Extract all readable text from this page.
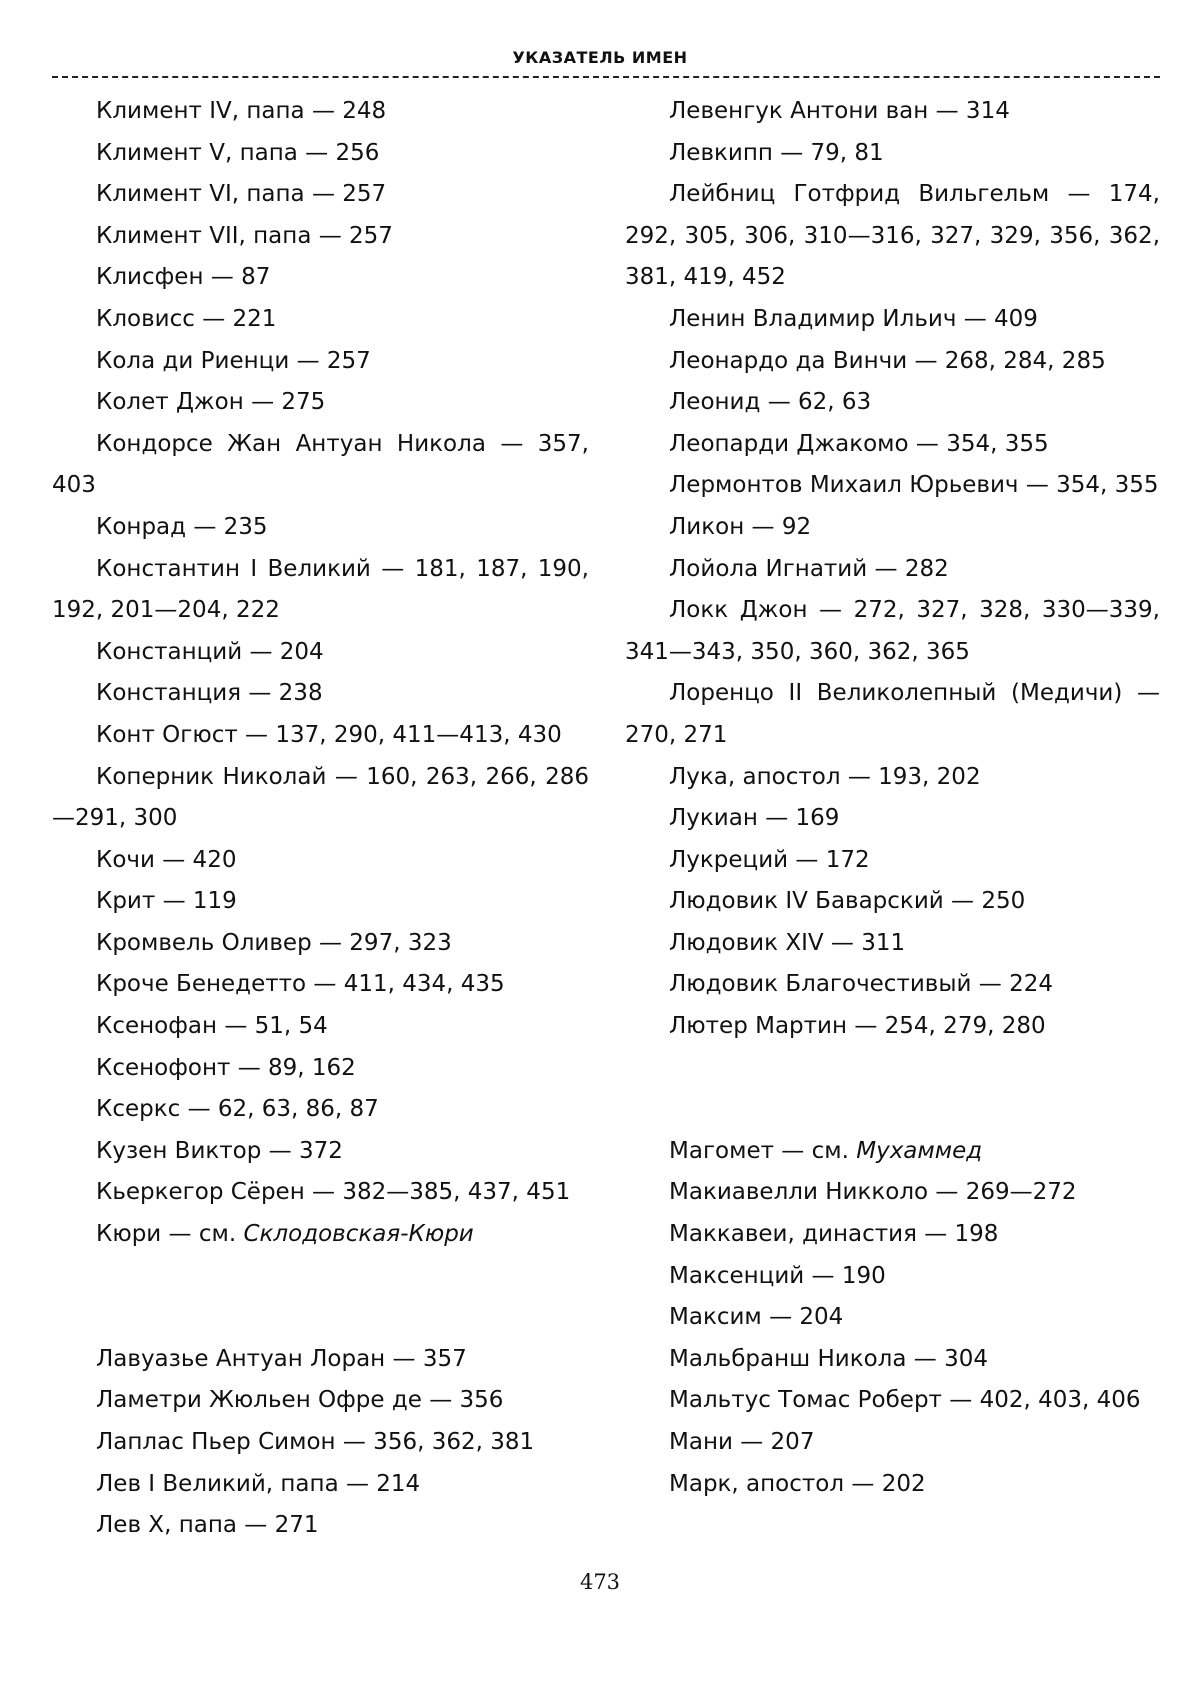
УКАЗАТЕЛЬ ИМЕН

Климент IV, папа — 248

Климент V, папа — 256

Климент VI, папа — 257

Климент VII, папа — 257

Клисфен — 87

Кловисс — 221

Кола ди Риенци — 257

Колет Джон — 275

Кондорсе Жан Антуан Никола — 357, 403

Конрад — 235

Константин I Великий — 181, 187, 190, 192, 201—204, 222

Констанций — 204

Констанция — 238

Конт Огюст — 137, 290, 411—413, 430

Коперник Николай — 160, 263, 266, 286—291, 300

Кочи — 420

Крит — 119

Кромвель Оливер — 297, 323

Кроче Бенедетто — 411, 434, 435

Ксенофан — 51, 54

Ксенофонт — 89, 162

Ксеркс — 62, 63, 86, 87

Кузен Виктор — 372

Кьеркегор Сёрен — 382—385, 437, 451

Кюри — см. Склодовская-Кюри

Лавуазье Антуан Лоран — 357

Ламетри Жюльен Офре де — 356

Лаплас Пьер Симон — 356, 362, 381

Лев I Великий, папа — 214

Лев X, папа — 271

Левенгук Антони ван — 314

Левкипп — 79, 81

Лейбниц Готфрид Вильгельм — 174, 292, 305, 306, 310—316, 327, 329, 356, 362, 381, 419, 452

Ленин Владимир Ильич — 409

Леонардо да Винчи — 268, 284, 285

Леонид — 62, 63

Леопарди Джакомо — 354, 355

Лермонтов Михаил Юрьевич — 354, 355

Ликон — 92

Лойола Игнатий — 282

Локк Джон — 272, 327, 328, 330—339, 341—343, 350, 360, 362, 365

Лоренцо II Великолепный (Медичи) — 270, 271

Лука, апостол — 193, 202

Лукиан — 169

Лукреций — 172

Людовик IV Баварский — 250

Людовик XIV — 311

Людовик Благочестивый — 224

Лютер Мартин — 254, 279, 280

Магомет — см. Мухаммед

Макиавелли Никколо — 269—272

Маккавеи, династия — 198

Максенций — 190

Максим — 204

Мальбранш Никола — 304

Мальтус Томас Роберт — 402, 403, 406

Мани — 207

Марк, апостол — 202

473
